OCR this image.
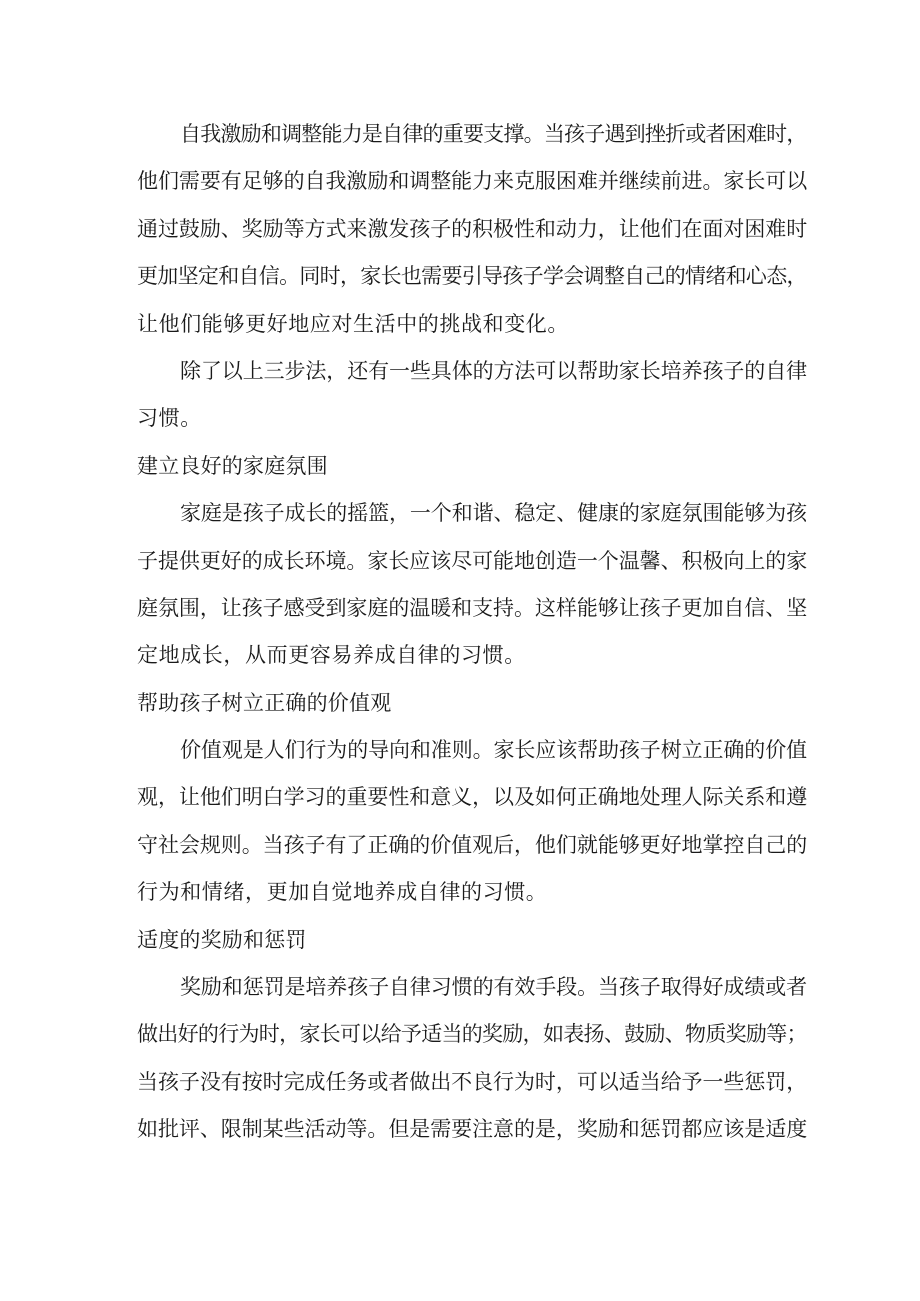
自我激励和调整能力是自律的重要支撑。当孩子遇到挫折或者困难时，
他们需要有足够的自我激励和调整能力来克服困难并继续前进。家长可以
通过鼓励、奖励等方式来激发孩子的积极性和动力，让他们在面对困难时
更加坚定和自信。同时，家长也需要引导孩子学会调整自己的情绪和心态，
让他们能够更好地应对生活中的挑战和变化。
除了以上三步法，还有一些具体的方法可以帮助家长培养孩子的自律
习惯。
建立良好的家庭氛围
家庭是孩子成长的摇篮，一个和谐、稳定、健康的家庭氛围能够为孩
子提供更好的成长环境。家长应该尽可能地创造一个温馨、积极向上的家
庭氛围，让孩子感受到家庭的温暖和支持。这样能够让孩子更加自信、坚
定地成长，从而更容易养成自律的习惯。
帮助孩子树立正确的价值观
价值观是人们行为的导向和准则。家长应该帮助孩子树立正确的价值
观，让他们明白学习的重要性和意义，以及如何正确地处理人际关系和遵
守社会规则。当孩子有了正确的价值观后，他们就能够更好地掌控自己的
行为和情绪，更加自觉地养成自律的习惯。
适度的奖励和惩罚
奖励和惩罚是培养孩子自律习惯的有效手段。当孩子取得好成绩或者
做出好的行为时，家长可以给予适当的奖励，如表扬、鼓励、物质奖励等；
当孩子没有按时完成任务或者做出不良行为时，可以适当给予一些惩罚，
如批评、限制某些活动等。但是需要注意的是，奖励和惩罚都应该是适度
